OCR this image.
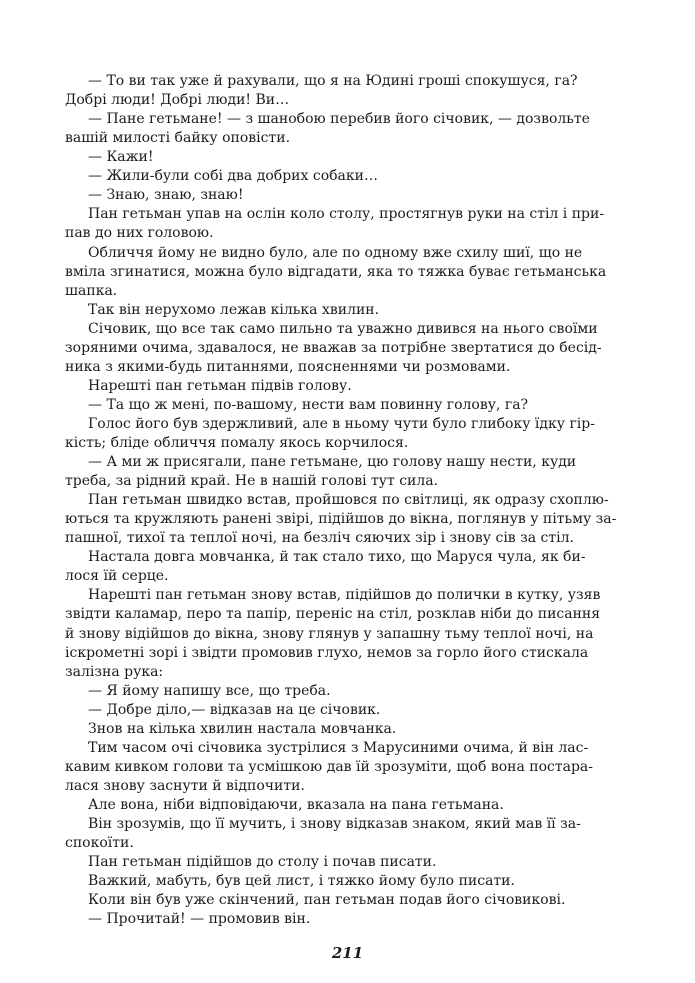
— То ви так уже й рахували, що я на Юдині гроші спокушуся, га?
Добрі люди! Добрі люди! Ви…
— Пане гетьмане! — з шанобою перебив його січовик, — дозвольте
вашій милості байку оповісти.
— Кажи!
— Жили-були собі два добрих собаки…
— Знаю, знаю, знаю!
Пан гетьман упав на ослін коло столу, простягнув руки на стіл і при-
пав до них головою.
Обличчя йому не видно було, але по одному вже схилу шиї, що не
вміла згинатися, можна було відгадати, яка то тяжка буває гетьманська
шапка.
Так він нерухомо лежав кілька хвилин.
Січовик, що все так само пильно та уважно дивився на нього своїми
зоряними очима, здавалося, не вважав за потрібне звертатися до бесід-
ника з якими-будь питаннями, поясненнями чи розмовами.
Нарешті пан гетьман підвів голову.
— Та що ж мені, по-вашому, нести вам повинну голову, га?
Голос його був здержливий, але в ньому чути було глибоку їдку гір-
кість; бліде обличчя помалу якось корчилося.
— А ми ж присягали, пане гетьмане, цю голову нашу нести, куди
треба, за рідний край. Не в нашій голові тут сила.
Пан гетьман швидко встав, пройшовся по світлиці, як одразу схоплю-
ються та кружляють ранені звірі, підійшов до вікна, поглянув у пітьму за-
пашної, тихої та теплої ночі, на безліч сяючих зір і знову сів за стіл.
Настала довга мовчанка, й так стало тихо, що Маруся чула, як би-
лося їй серце.
Нарешті пан гетьман знову встав, підійшов до полички в кутку, узяв
звідти каламар, перо та папір, переніс на стіл, розклав ніби до писання
й знову відійшов до вікна, знову глянув у запашну тьму теплої ночі, на
іскрометні зорі і звідти промовив глухо, немов за горло його стискала
залізна рука:
— Я йому напишу все, що треба.
— Добре діло,— відказав на це січовик.
Знов на кілька хвилин настала мовчанка.
Тим часом очі січовика зустрілися з Марусиними очима, й він лас-
кавим кивком голови та усмішкою дав їй зрозуміти, щоб вона постара-
лася знову заснути й відпочити.
Але вона, ніби відповідаючи, вказала на пана гетьмана.
Він зрозумів, що її мучить, і знову відказав знаком, який мав її за-
спокоїти.
Пан гетьман підійшов до столу і почав писати.
Важкий, мабуть, був цей лист, і тяжко йому було писати.
Коли він був уже скінчений, пан гетьман подав його січовикові.
— Прочитай! — промовив він.
211
